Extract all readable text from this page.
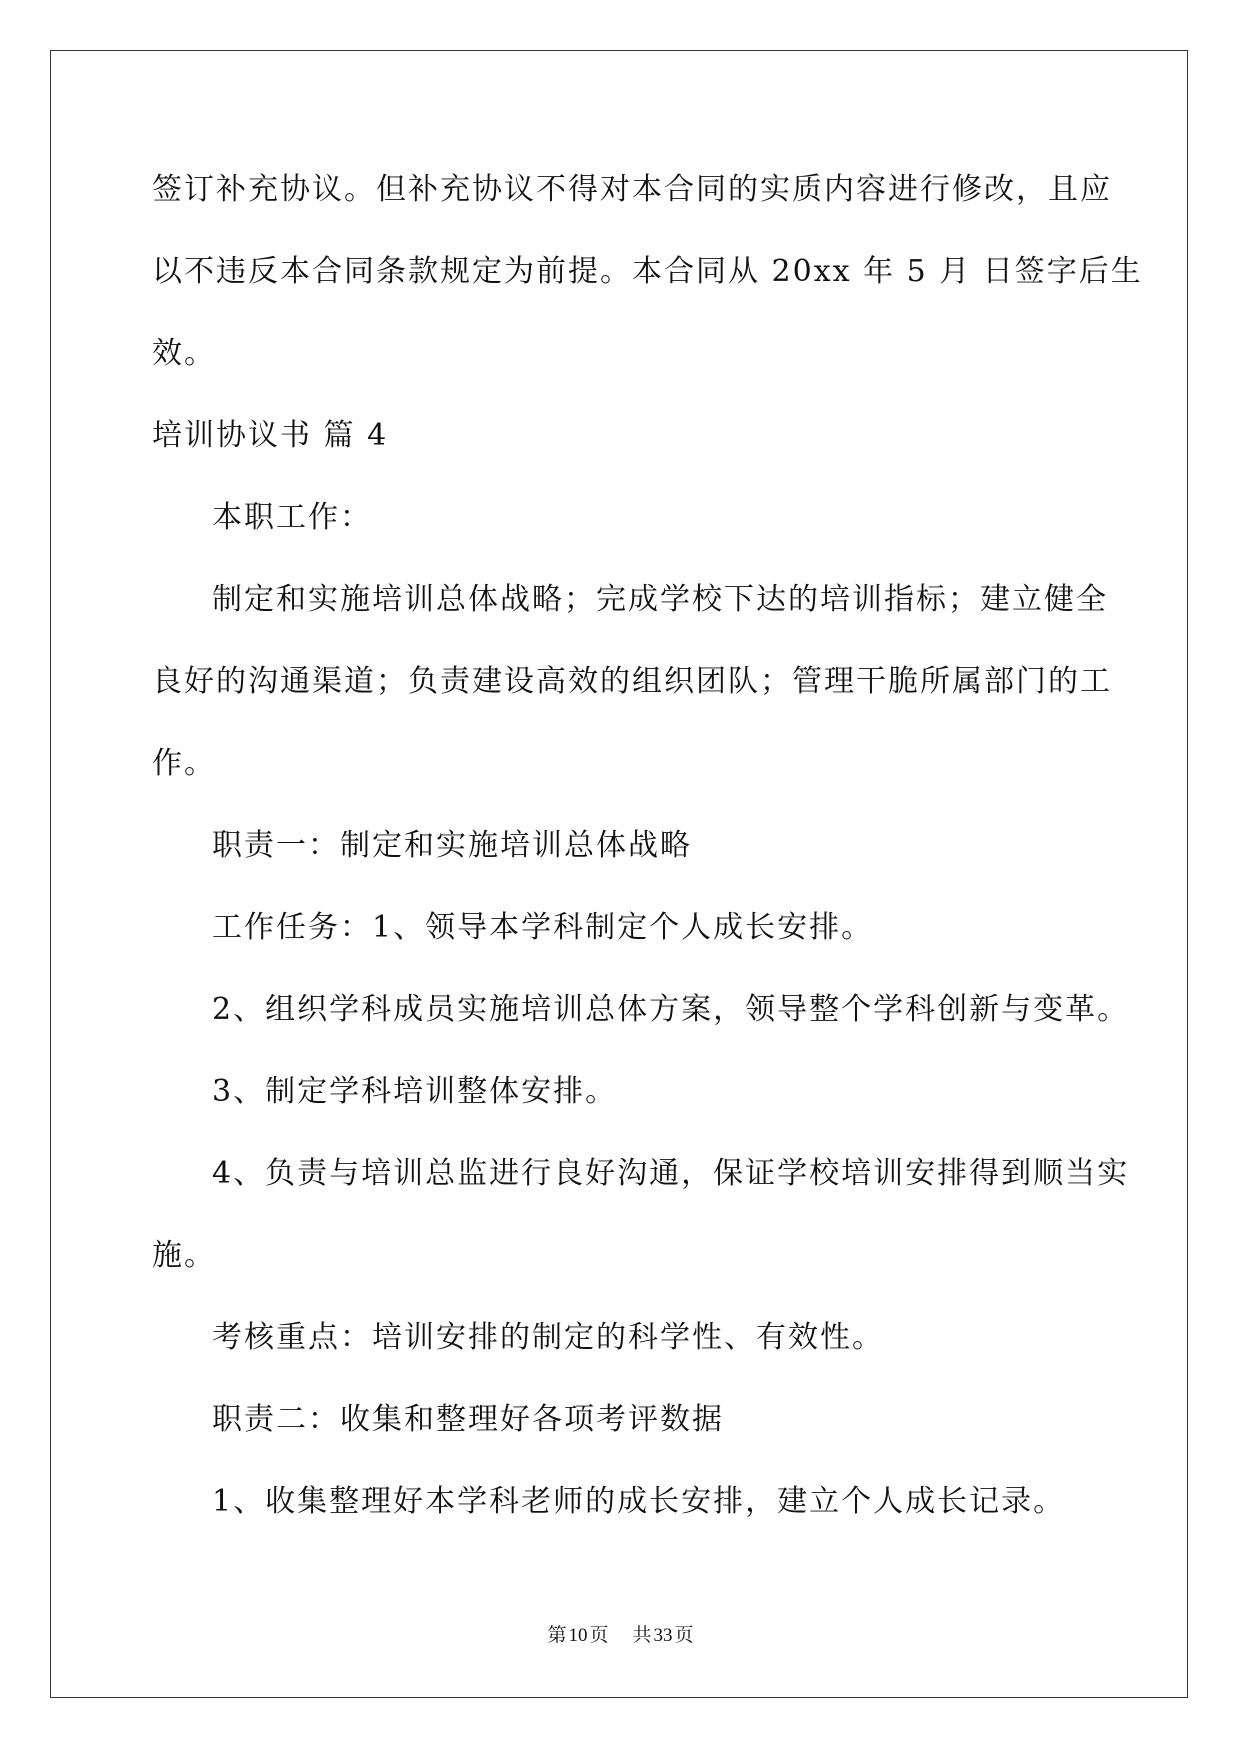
签订补充协议。但补充协议不得对本合同的实质内容进行修改，且应

以不违反本合同条款规定为前提。本合同从 20xx 年 5 月 日签字后生

效。

培训协议书 篇 4

本职工作：

制定和实施培训总体战略；完成学校下达的培训指标；建立健全

良好的沟通渠道；负责建设高效的组织团队；管理干脆所属部门的工

作。

职责一：制定和实施培训总体战略

工作任务：1、领导本学科制定个人成长安排。

2、组织学科成员实施培训总体方案，领导整个学科创新与变革。

3、制定学科培训整体安排。

4、负责与培训总监进行良好沟通，保证学校培训安排得到顺当实

施。

考核重点：培训安排的制定的科学性、有效性。

职责二：收集和整理好各项考评数据

1、收集整理好本学科老师的成长安排，建立个人成长记录。

第 10 页 共 33 页
